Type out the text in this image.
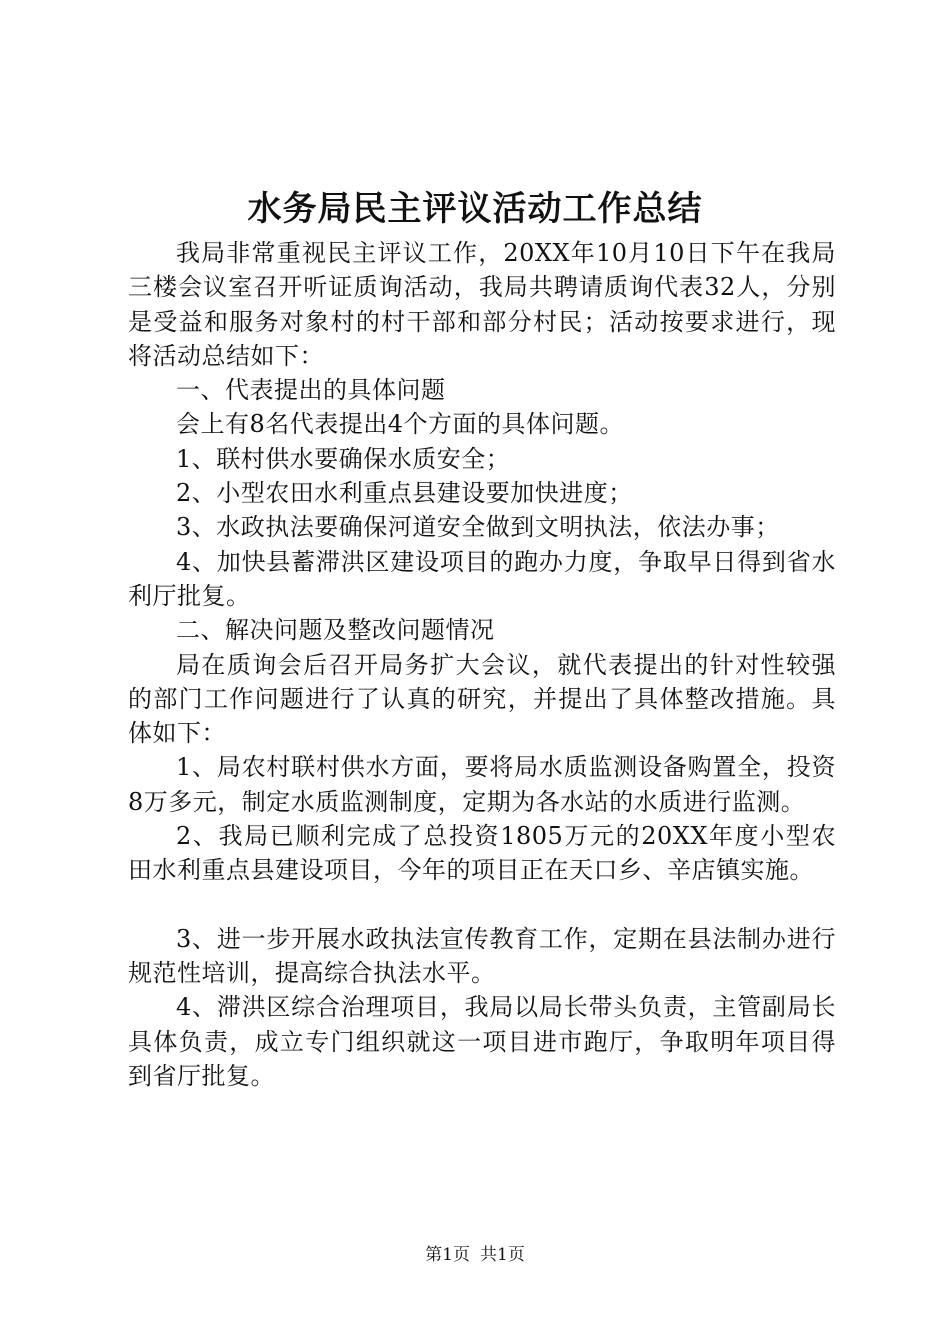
水务局民主评议活动工作总结

我局非常重视民主评议工作，20XX年10月10日下午在我局三楼会议室召开听证质询活动，我局共聘请质询代表32人，分别是受益和服务对象村的村干部和部分村民；活动按要求进行，现将活动总结如下：

一、代表提出的具体问题

会上有8名代表提出4个方面的具体问题。

1、联村供水要确保水质安全；

2、小型农田水利重点县建设要加快进度；

3、水政执法要确保河道安全做到文明执法，依法办事；

4、加快县蓄滞洪区建设项目的跑办力度，争取早日得到省水利厅批复。

二、解决问题及整改问题情况

局在质询会后召开局务扩大会议，就代表提出的针对性较强的部门工作问题进行了认真的研究，并提出了具体整改措施。具体如下：

1、局农村联村供水方面，要将局水质监测设备购置全，投资8万多元，制定水质监测制度，定期为各水站的水质进行监测。

2、我局已顺利完成了总投资1805万元的20XX年度小型农田水利重点县建设项目，今年的项目正在天口乡、辛店镇实施。

3、进一步开展水政执法宣传教育工作，定期在县法制办进行规范性培训，提高综合执法水平。

4、滞洪区综合治理项目，我局以局长带头负责，主管副局长具体负责，成立专门组织就这一项目进市跑厅，争取明年项目得到省厅批复。

第1页 共1页
